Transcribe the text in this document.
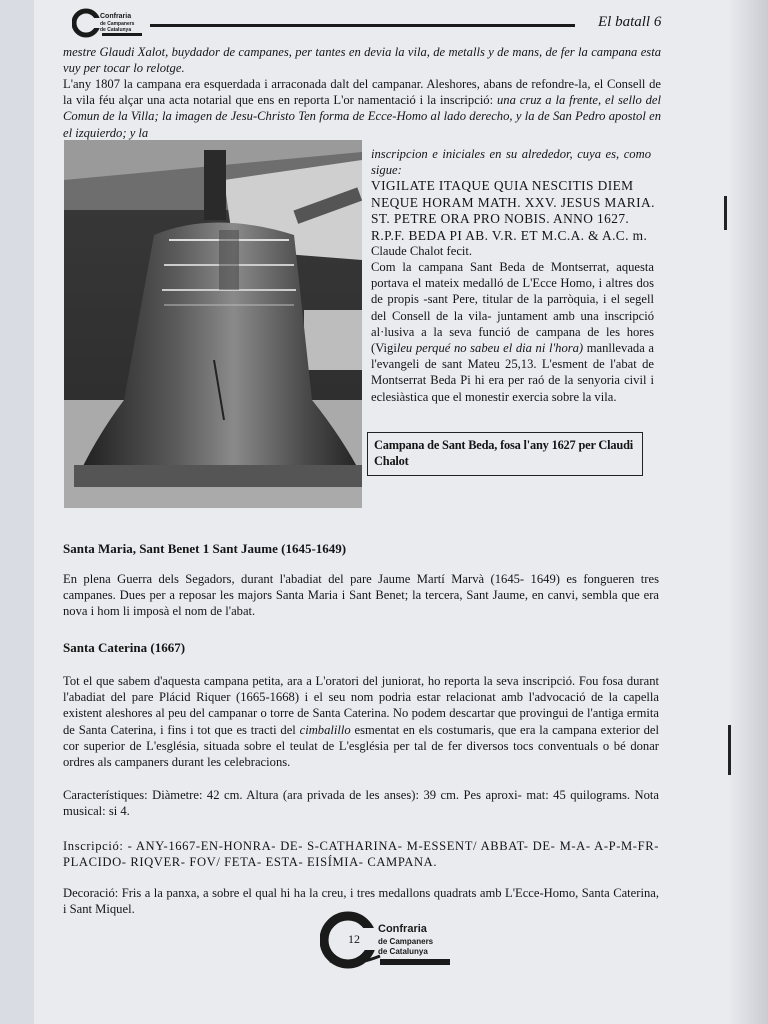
Confraria
de Campaners
de Catalunya	El batall 6
mestre Glaudi Xalot, buydador de campanes, per tantes en devia la vila, de metalls y de mans, de fer la campana esta vuy per tocar lo relotge.
L'any 1807 la campana era esquerdada i arraconada dalt del campanar. Aleshores, abans de refondre-la, el Consell de la vila féu alçar una acta notarial que ens en reporta L'or namentació i la inscripció: una cruz a la frente, el sello del Comun de la Villa; la imagen de Jesu-Christo Ten forma de Ecce-Homo al lado derecho, y la de San Pedro apostol en el izquierdo; y la
inscripcion e iniciales en su alrededor, cuya es, como sigue:
VIGILATE ITAQUE QUIA NESCITIS DIEM
NEQUE HORAM MATH. XXV. JESUS MARIA.
ST. PETRE ORA PRO NOBIS. ANNO 1627.
R.P.F. BEDA PI AB. V.R. ET M.C.A. & A.C. m.
Claude Chalot fecit.
Com la campana Sant Beda de Montserrat, aquesta portava el mateix medalló de L'Ecce Homo, i altres dos de propis -sant Pere, titular de la parròquia, i el segell del Consell de la vila- juntament amb una inscripció al·lusiva a la seva funció de campana de les hores (Vigileu perqué no sabeu el dia ni l'hora) manllevada a l'evangeli de sant Mateu 25,13. L'esment de l'abat de Montserrat Beda Pi hi era per raó de la senyoria civil i eclesiàstica que el monestir exercia sobre la vila.
Campana de Sant Beda, fosa l'any 1627 per Claudi Chalot
Santa Maria, Sant Benet 1 Sant Jaume (1645-1649)
En plena Guerra dels Segadors, durant l'abadiat del pare Jaume Martí Marvà (1645- 1649) es fongueren tres campanes. Dues per a reposar les majors Santa Maria i Sant Benet; la tercera, Sant Jaume, en canvi, sembla que era nova i hom li imposà el nom de l'abat.
Santa Caterina (1667)
Tot el que sabem d'aquesta campana petita, ara a L'oratori del juniorat, ho reporta la seva inscripció. Fou fosa durant l'abadiat del pare Plácid Riquer (1665-1668) i el seu nom podria estar relacionat amb l'advocació de la capella existent aleshores al peu del campanar o torre de Santa Caterina. No podem descartar que provingui de l'antiga ermita de Santa Caterina, i fins i tot que es tracti del cimbalillo esmentat en els costumaris, que era la campana exterior del cor superior de L'església, situada sobre el teulat de L'església per tal de fer diversos tocs conventuals o bé donar ordres als campaners durant les celebracions.
Característiques: Diàmetre: 42 cm. Altura (ara privada de les anses): 39 cm. Pes aproxi- mat: 45 quilograms. Nota musical: si 4.
Inscripció: - ANY-1667-EN-HONRA- DE- S-CATHARINA- M-ESSENT/ ABBAT- DE- M-A- A-P-M-FR- PLACIDO- RIQVER- FOV/ FETA- ESTA- EISÍMIA- CAMPANA.
Decoració: Fris a la panxa, a sobre el qual hi ha la creu, i tres medallons quadrats amb L'Ecce-Homo, Santa Caterina, i Sant Miquel.
Confraria
de Campaners
de Catalunya
12
